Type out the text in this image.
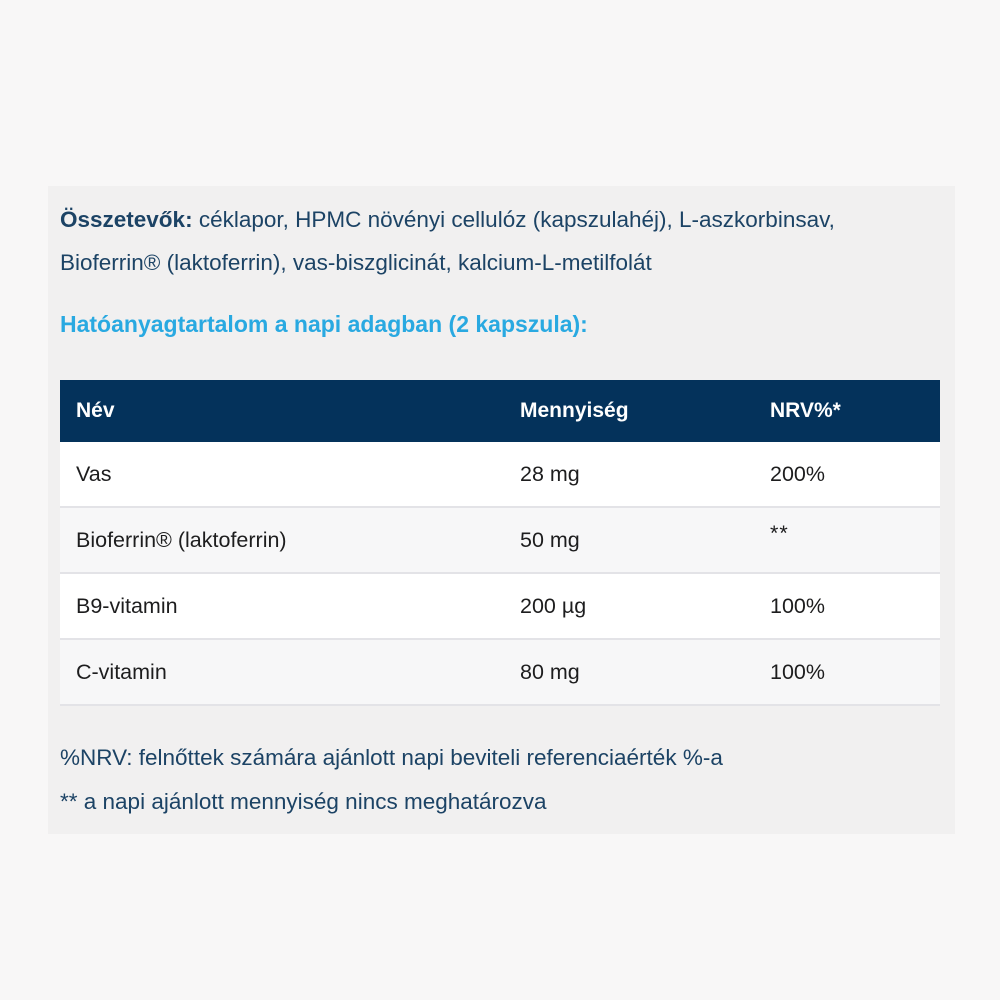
Összetevők: céklapor, HPMC növényi cellulóz (kapszulahéj), L-aszkorbinsav, Bioferrin® (laktoferrin), vas-biszglicinát, kalcium-L-metilfolát

Hatóanyagtartalom a napi adagban (2 kapszula):
Név	Mennyiség	NRV%*
Vas	28 mg	200%
Bioferrin® (laktoferrin)	50 mg	**
B9-vitamin	200 µg	100%
C-vitamin	80 mg	100%
%NRV: felnőttek számára ajánlott napi beviteli referenciaérték %-a
** a napi ajánlott mennyiség nincs meghatározva
